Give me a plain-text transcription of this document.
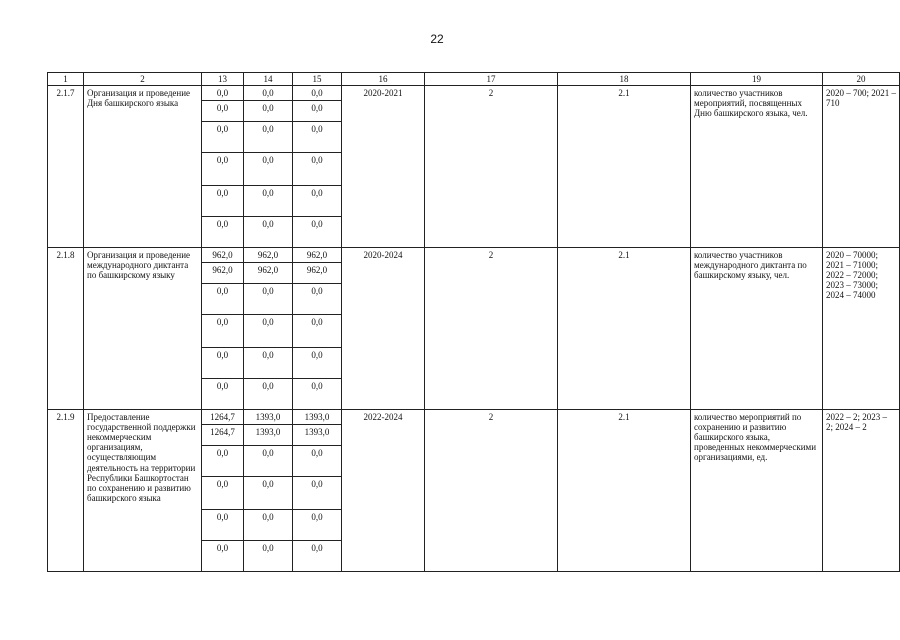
22
1	2	13	14	15	16	17	18	19	20
2.1.7	Организация и проведение Дня башкирского языка	0,0	0,0	0,0	2020-2021	2	2.1	количество участников мероприятий, посвященных Дню башкирского языка, чел.	2020 – 700; 2021 – 710
		0,0	0,0	0,0					
		0,0	0,0	0,0					
		0,0	0,0	0,0					
		0,0	0,0	0,0					
		0,0	0,0	0,0					
2.1.8	Организация и проведение международного диктанта по башкирскому языку	962,0	962,0	962,0	2020-2024	2	2.1	количество участников международного диктанта по башкирскому языку, чел.	2020 – 70000; 2021 – 71000; 2022 – 72000; 2023 – 73000; 2024 – 74000
		962,0	962,0	962,0					
		0,0	0,0	0,0					
		0,0	0,0	0,0					
		0,0	0,0	0,0					
		0,0	0,0	0,0					
2.1.9	Предоставление государственной поддержки некоммерческим организациям, осуществляющим деятельность на территории Республики Башкортостан по сохранению и развитию башкирского языка	1264,7	1393,0	1393,0	2022-2024	2	2.1	количество мероприятий по сохранению и развитию башкирского языка, проведенных некоммерческими организациями, ед.	2022 – 2; 2023 – 2; 2024 – 2
		1264,7	1393,0	1393,0					
		0,0	0,0	0,0					
		0,0	0,0	0,0					
		0,0	0,0	0,0					
		0,0	0,0	0,0					
